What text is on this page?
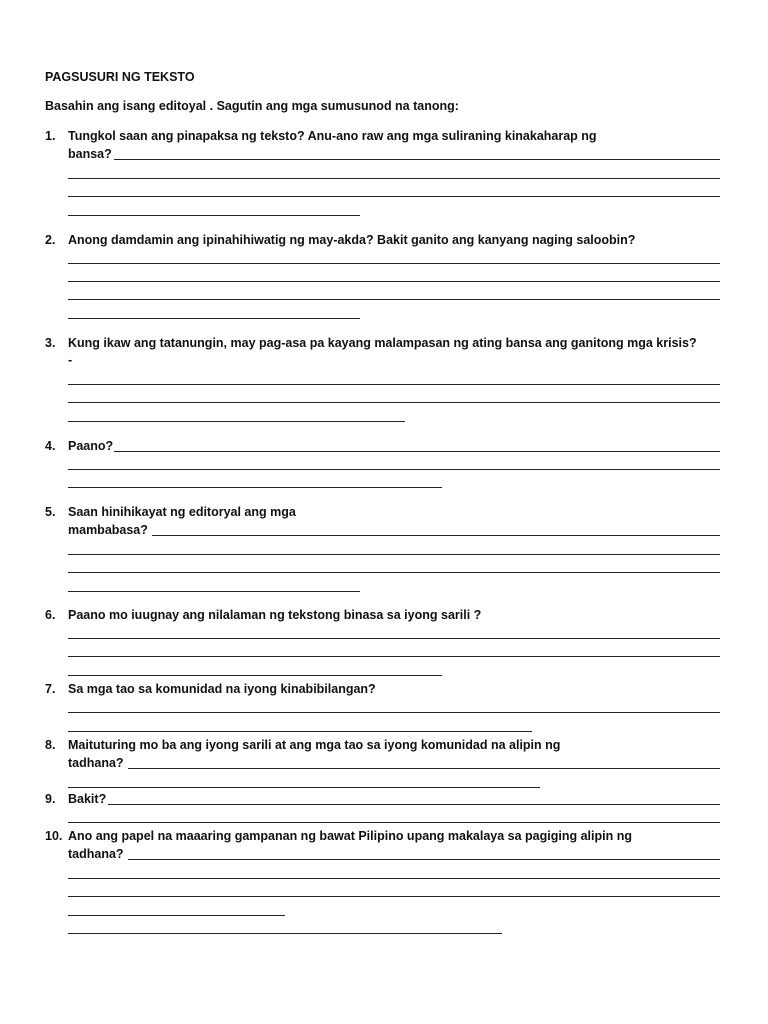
PAGSUSURI NG TEKSTO
Basahin ang isang editoyal . Sagutin ang mga sumusunod na tanong:
1. Tungkol saan ang pinapaksa ng teksto? Anu-ano raw ang mga suliraning kinakaharap ng
bansa?
2. Anong damdamin ang ipinahihiwatig ng may-akda? Bakit ganito ang kanyang naging saloobin?
3. Kung ikaw ang tatanungin, may pag-asa pa kayang malampasan ng ating bansa ang ganitong mga krisis?
-
4. Paano?
5. Saan hinihikayat ng editoryal ang mga
mambabasa?
6. Paano mo iuugnay ang nilalaman ng tekstong binasa sa iyong sarili ?
7. Sa mga tao sa komunidad na iyong kinabibilangan?
8. Maituturing mo ba ang iyong sarili at ang mga tao sa iyong komunidad na alipin ng
tadhana?
9. Bakit?
10. Ano ang papel na maaaring gampanan ng bawat Pilipino upang makalaya sa pagiging alipin ng
tadhana?
